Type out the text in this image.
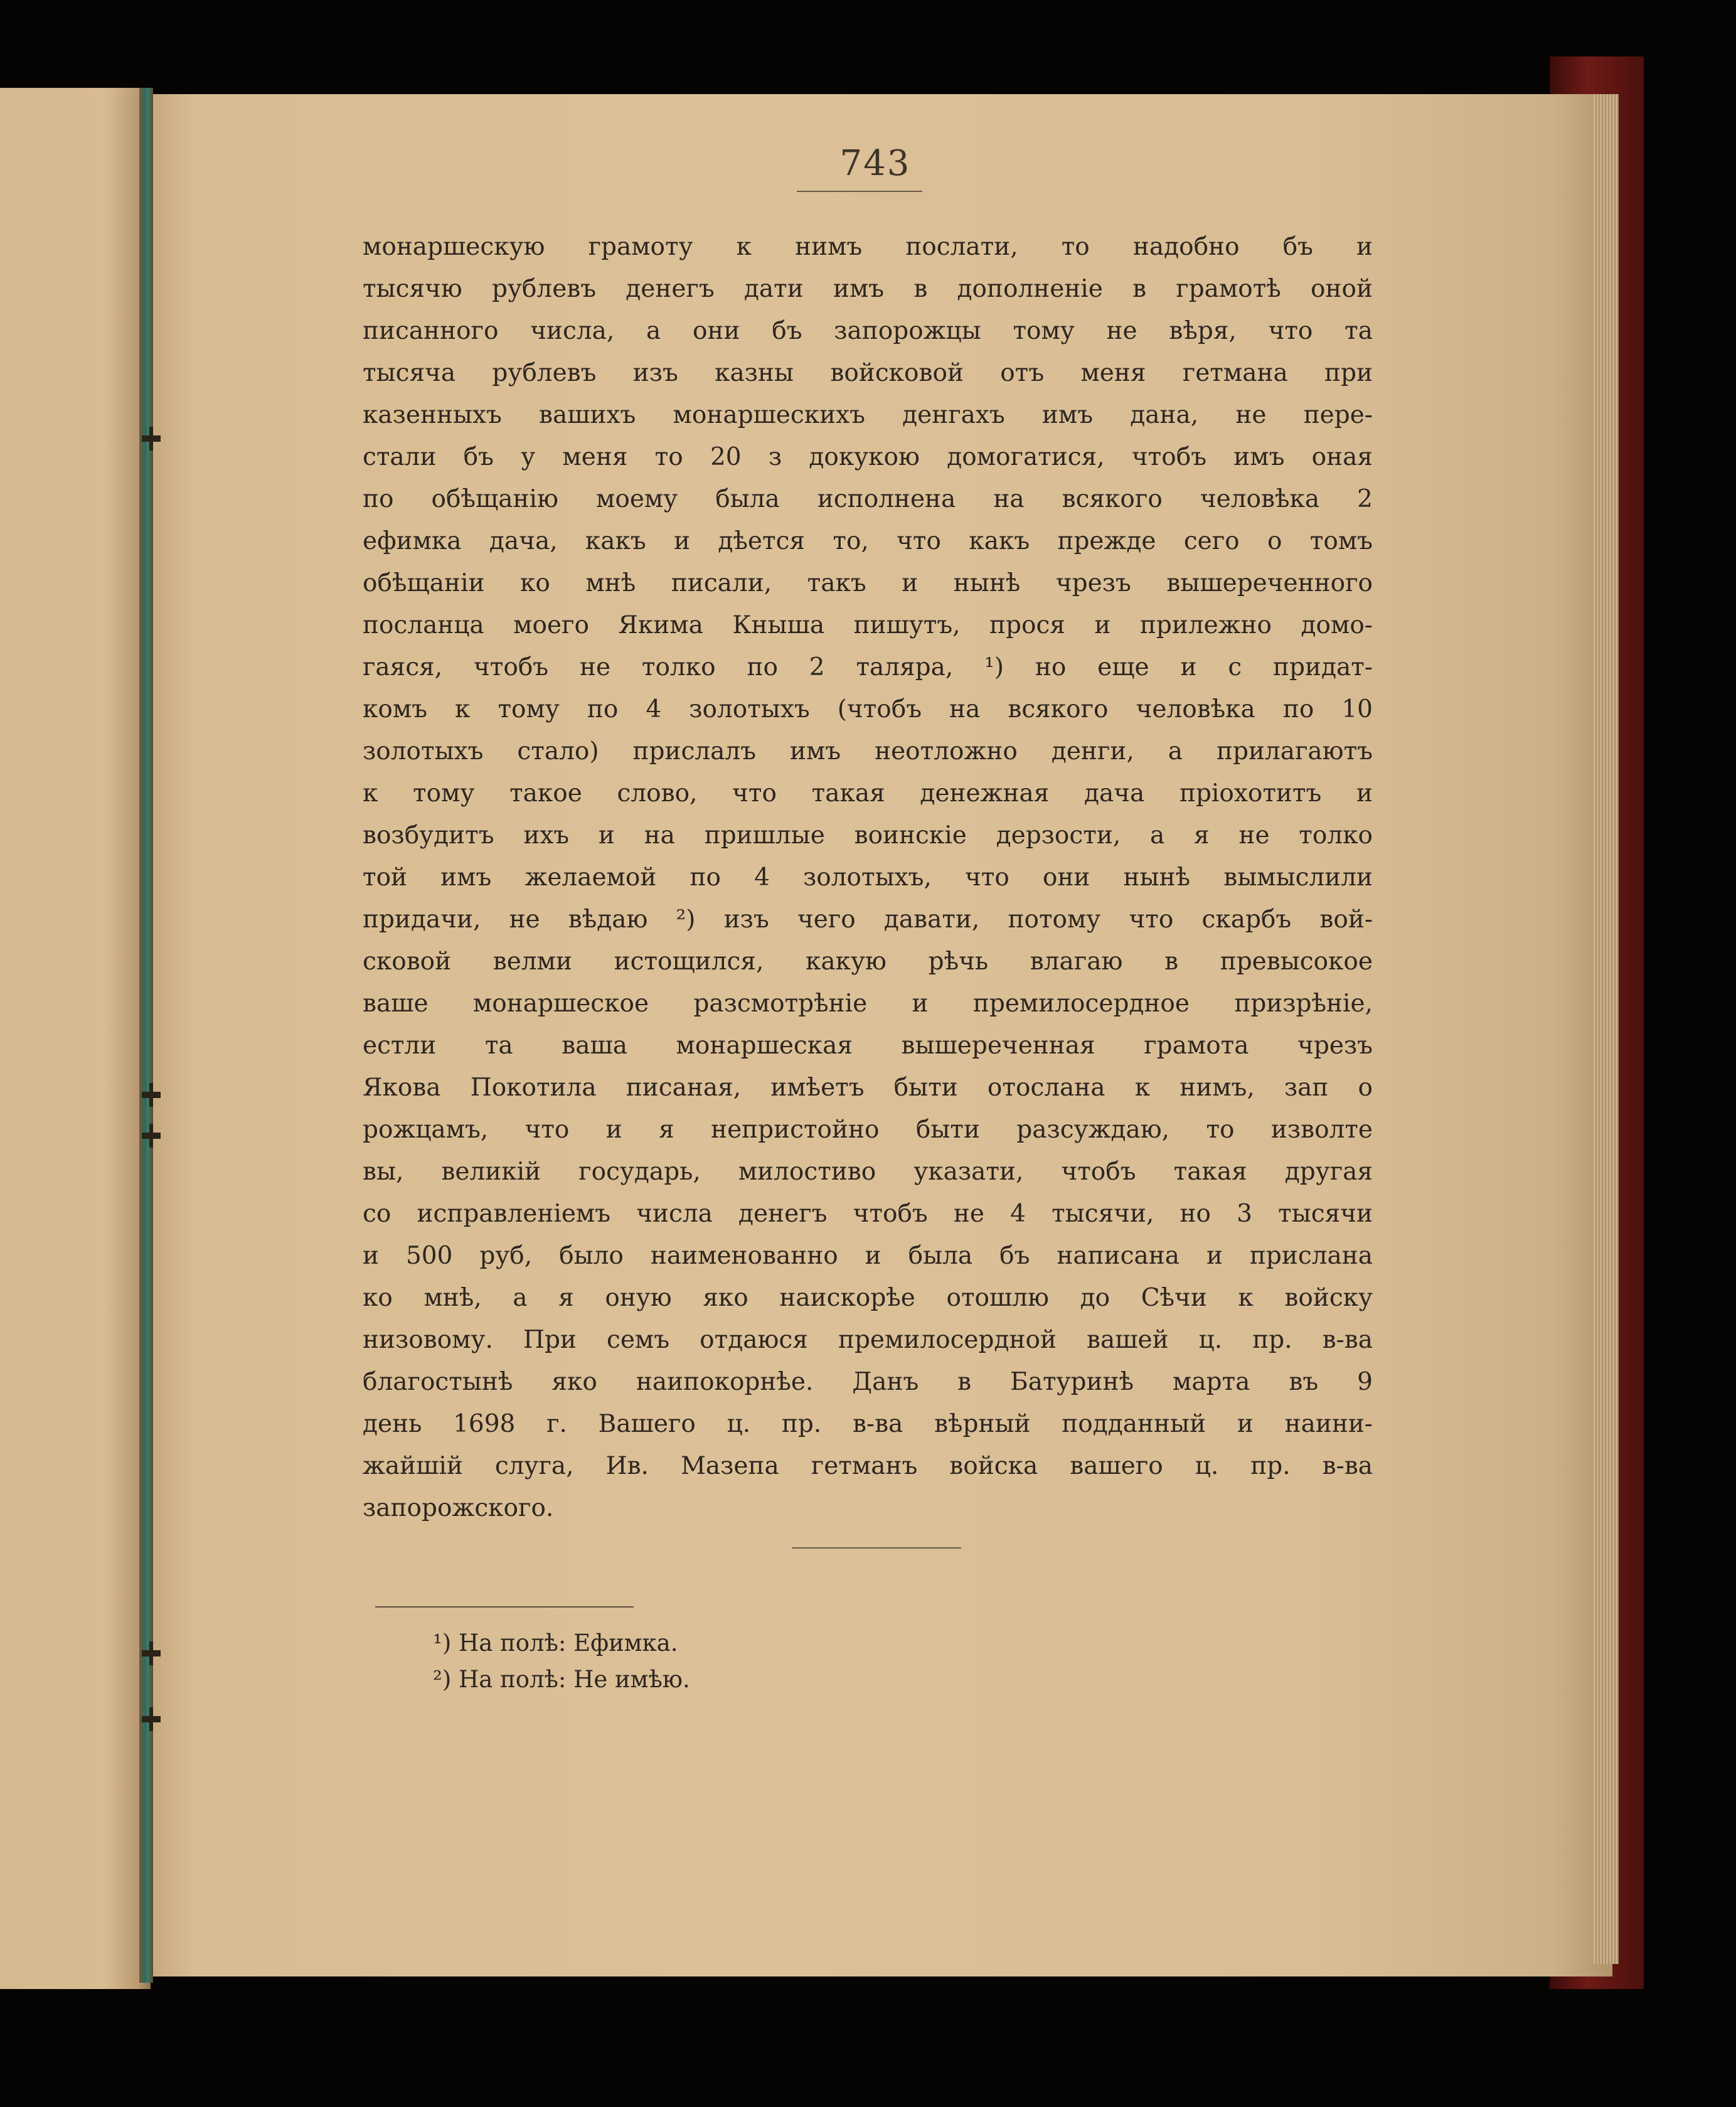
743
монаршескую грамоту к нимъ послати, то надобно бъ и
тысячю рублевъ денегъ дати имъ в дополненіе в грамотѣ оной
писанного числа, а они бъ запорожцы тому не вѣря, что та
тысяча рублевъ изъ казны войсковой отъ меня гетмана при
казенныхъ вашихъ монаршескихъ денгахъ имъ дана, не пере-
стали бъ у меня то 20 з докукою домогатися, чтобъ имъ оная
по обѣщанію моему была исполнена на всякого человѣка 2
ефимка дача, какъ и дѣется то, что какъ прежде сего о томъ
обѣщаніи ко мнѣ писали, такъ и нынѣ чрезъ вышереченного
посланца моего Якима Кныша пишутъ, прося и прилежно домо-
гаяся, чтобъ не толко по 2 таляра, ¹) но еще и с придат-
комъ к тому по 4 золотыхъ (чтобъ на всякого человѣка по 10
золотыхъ стало) прислалъ имъ неотложно денги, а прилагаютъ
к тому такое слово, что такая денежная дача пріохотитъ и
возбудитъ ихъ и на пришлые воинскіе дерзости, а я не толко
той имъ желаемой по 4 золотыхъ, что они нынѣ вымыслили
придачи, не вѣдаю ²) изъ чего давати, потому что скарбъ вой-
сковой велми истощился, какую рѣчь влагаю в превысокое
ваше монаршеское разсмотрѣніе и премилосердное призрѣніе,
естли та ваша монаршеская вышереченная грамота чрезъ
Якова Покотила писаная, имѣетъ быти отослана к нимъ, зап о
рожцамъ, что и я непристойно быти разсуждаю, то изволте
вы, великій государь, милостиво указати, чтобъ такая другая
со исправленіемъ числа денегъ чтобъ не 4 тысячи, но 3 тысячи
и 500 руб, было наименованно и была бъ написана и прислана
ко мнѣ, а я оную яко наискорѣе отошлю до Сѣчи к войску
низовому. При семъ отдаюся премилосердной вашей ц. пр. в-ва
благостынѣ яко наипокорнѣе. Данъ в Батуринѣ марта въ 9
день 1698 г. Вашего ц. пр. в-ва вѣрный подданный и наини-
жайшій слуга, Ив. Мазепа гетманъ войска вашего ц. пр. в-ва
запорожского.
¹) На полѣ: Ефимка.
²) На полѣ: Не имѣю.
